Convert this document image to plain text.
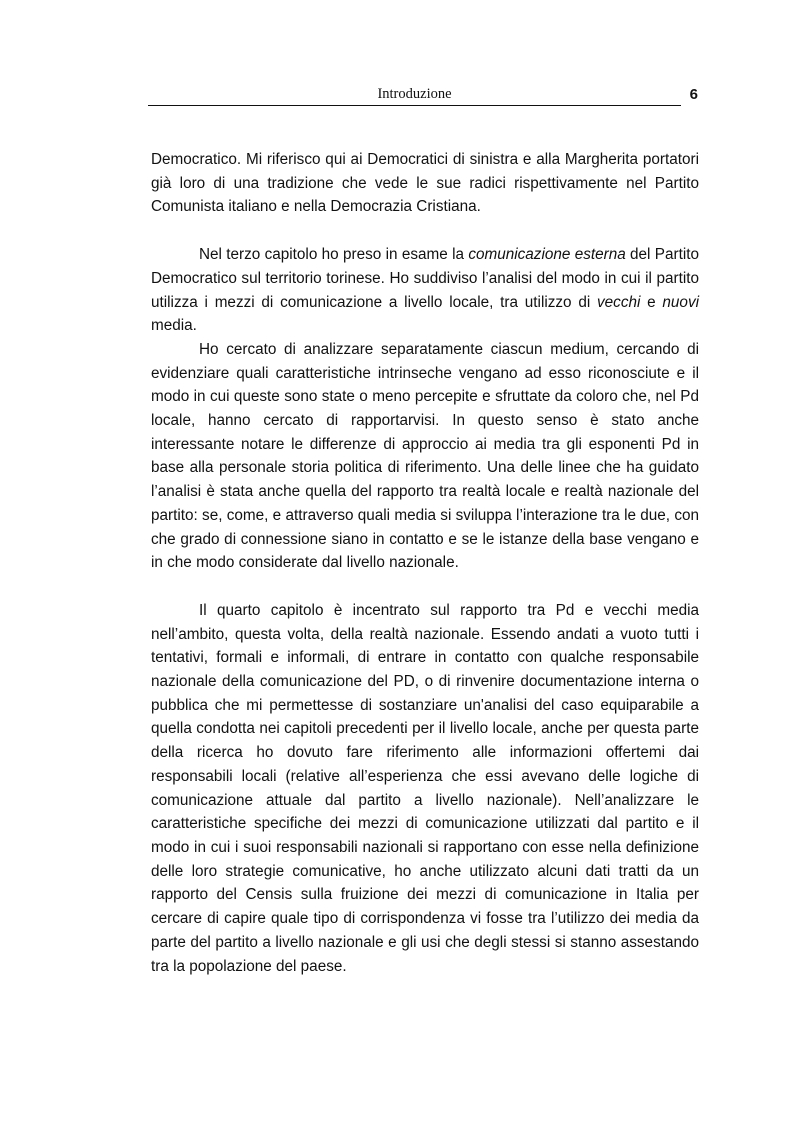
Introduzione	6

Democratico. Mi riferisco qui ai Democratici di sinistra e alla Margherita portatori già loro di una tradizione che vede le sue radici rispettivamente nel Partito Comunista italiano e nella Democrazia Cristiana.

Nel terzo capitolo ho preso in esame la comunicazione esterna del Partito Democratico sul territorio torinese. Ho suddiviso l’analisi del modo in cui il partito utilizza i mezzi di comunicazione a livello locale, tra utilizzo di vecchi e nuovi media.

Ho cercato di analizzare separatamente ciascun medium, cercando di evidenziare quali caratteristiche intrinseche vengano ad esso riconosciute e il modo in cui queste sono state o meno percepite e sfruttate da coloro che, nel Pd locale, hanno cercato di rapportarvisi. In questo senso è stato anche interessante notare le differenze di approccio ai media tra gli esponenti Pd in base alla personale storia politica di riferimento. Una delle linee che ha guidato l’analisi è stata anche quella del rapporto tra realtà locale e realtà nazionale del partito: se, come, e attraverso quali media si sviluppa l’interazione tra le due, con che grado di connessione siano in contatto e se le istanze della base vengano e in che modo considerate dal livello nazionale.

Il quarto capitolo è incentrato sul rapporto tra Pd e vecchi media nell’ambito, questa volta, della realtà nazionale. Essendo andati a vuoto tutti i tentativi, formali e informali, di entrare in contatto con qualche responsabile nazionale della comunicazione del PD, o di rinvenire documentazione interna o pubblica che mi permettesse di sostanziare un'analisi del caso equiparabile a quella condotta nei capitoli precedenti per il livello locale, anche per questa parte della ricerca ho dovuto fare riferimento alle informazioni offertemi dai responsabili locali (relative all’esperienza che essi avevano delle logiche di comunicazione attuale dal partito a livello nazionale). Nell’analizzare le caratteristiche specifiche dei mezzi di comunicazione utilizzati dal partito e il modo in cui i suoi responsabili nazionali si rapportano con esse nella definizione delle loro strategie comunicative, ho anche utilizzato alcuni dati tratti da un rapporto del Censis sulla fruizione dei mezzi di comunicazione in Italia per cercare di capire quale tipo di corrispondenza vi fosse tra l’utilizzo dei media da parte del partito a livello nazionale e gli usi che degli stessi si stanno assestando tra la popolazione del paese.
